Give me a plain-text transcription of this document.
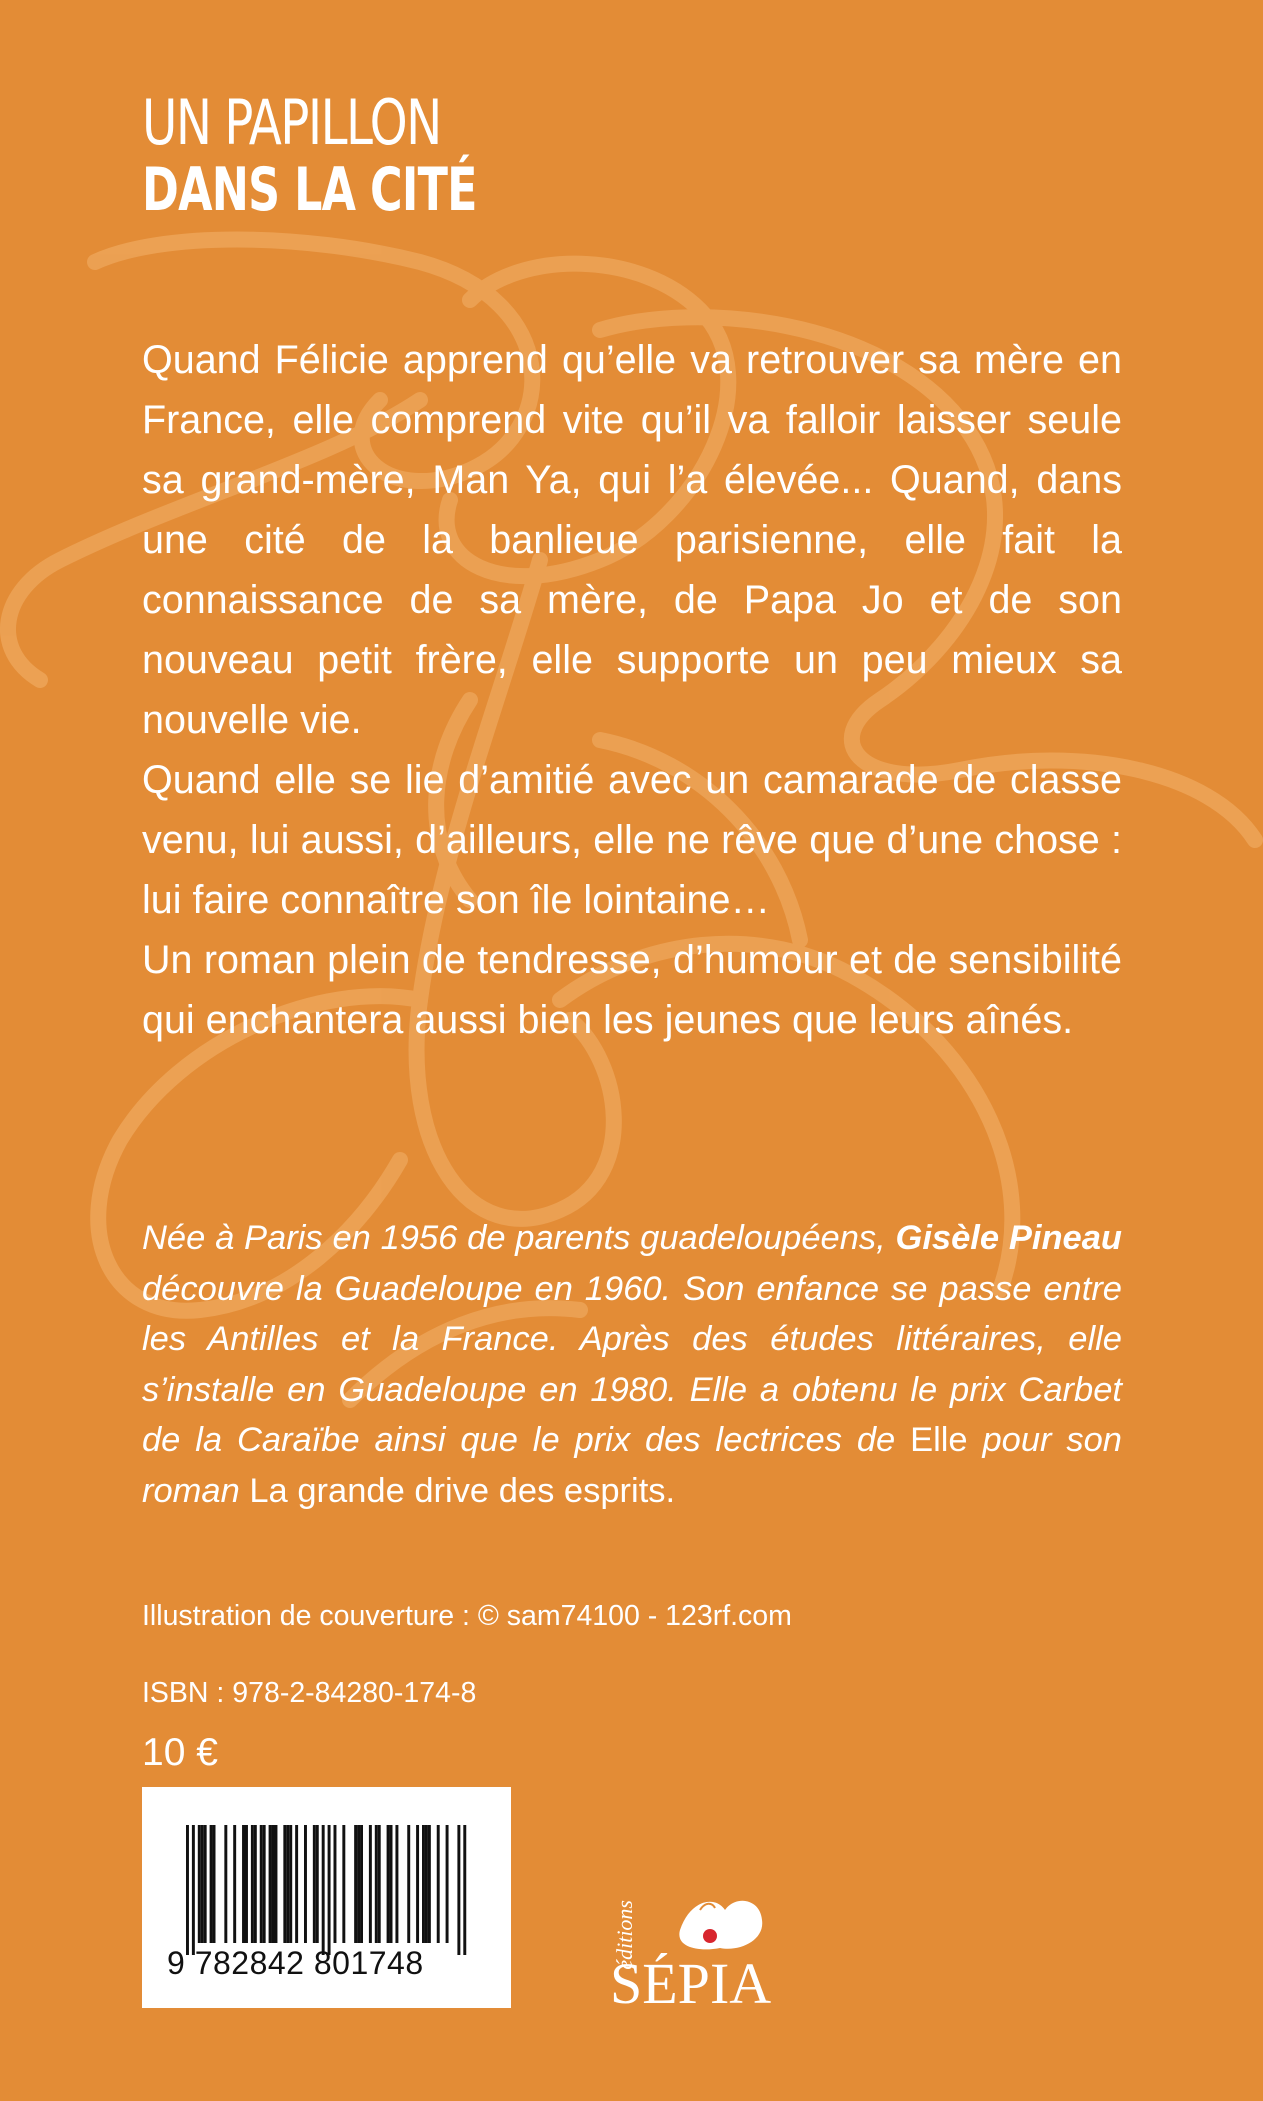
UN PAPILLON
DANS LA CITÉ

Quand Félicie apprend qu’elle va retrouver sa mère en France, elle comprend vite qu’il va falloir laisser seule sa grand-mère, Man Ya, qui l’a élevée... Quand, dans une cité de la banlieue parisienne, elle fait la connaissance de sa mère, de Papa Jo et de son nouveau petit frère, elle supporte un peu mieux sa nouvelle vie.

Quand elle se lie d’amitié avec un camarade de classe venu, lui aussi, d’ailleurs, elle ne rêve que d’une chose : lui faire connaître son île lointaine…

Un roman plein de tendresse, d’humour et de sensibilité qui enchantera aussi bien les jeunes que leurs aînés.

Née à Paris en 1956 de parents guadeloupéens, Gisèle Pineau découvre la Guadeloupe en 1960. Son enfance se passe entre les Antilles et la France. Après des études littéraires, elle s’installe en Guadeloupe en 1980. Elle a obtenu le prix Carbet de la Caraïbe ainsi que le prix des lectrices de Elle pour son roman La grande drive des esprits.

Illustration de couverture : © sam74100 - 123rf.com
ISBN : 978-2-84280-174-8
10 €
9 782842 801748	éditions
SÉPIA
